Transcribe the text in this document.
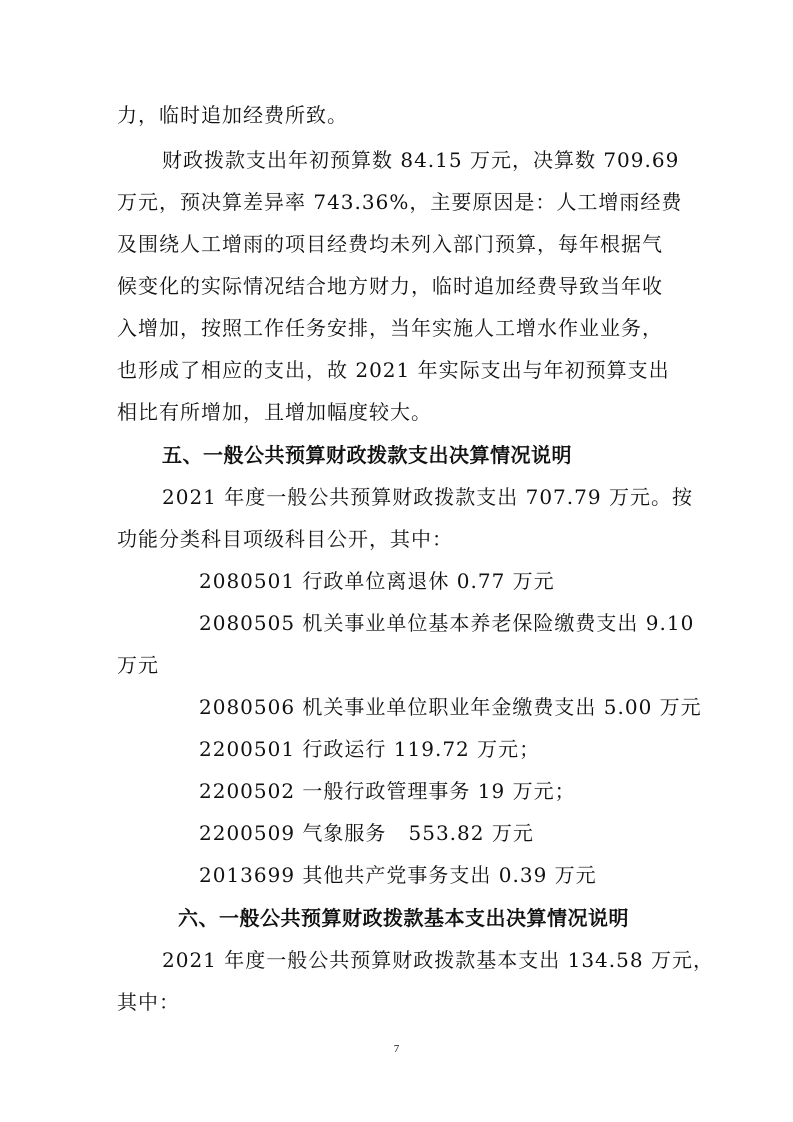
力，临时追加经费所致。
财政拨款支出年初预算数 84.15 万元，决算数 709.69
万元，预决算差异率 743.36%，主要原因是：人工增雨经费
及围绕人工增雨的项目经费均未列入部门预算，每年根据气
候变化的实际情况结合地方财力，临时追加经费导致当年收
入增加，按照工作任务安排，当年实施人工增水作业业务，
也形成了相应的支出，故 2021 年实际支出与年初预算支出
相比有所增加，且增加幅度较大。
五、一般公共预算财政拨款支出决算情况说明
2021 年度一般公共预算财政拨款支出 707.79 万元。按
功能分类科目项级科目公开，其中：
2080501 行政单位离退休 0.77 万元
2080505 机关事业单位基本养老保险缴费支出 9.10
万元
2080506 机关事业单位职业年金缴费支出 5.00 万元
2200501 行政运行 119.72 万元；
2200502 一般行政管理事务 19 万元；
2200509 气象服务   553.82 万元
2013699 其他共产党事务支出 0.39 万元
六、一般公共预算财政拨款基本支出决算情况说明
2021 年度一般公共预算财政拨款基本支出 134.58 万元，
其中：
7
